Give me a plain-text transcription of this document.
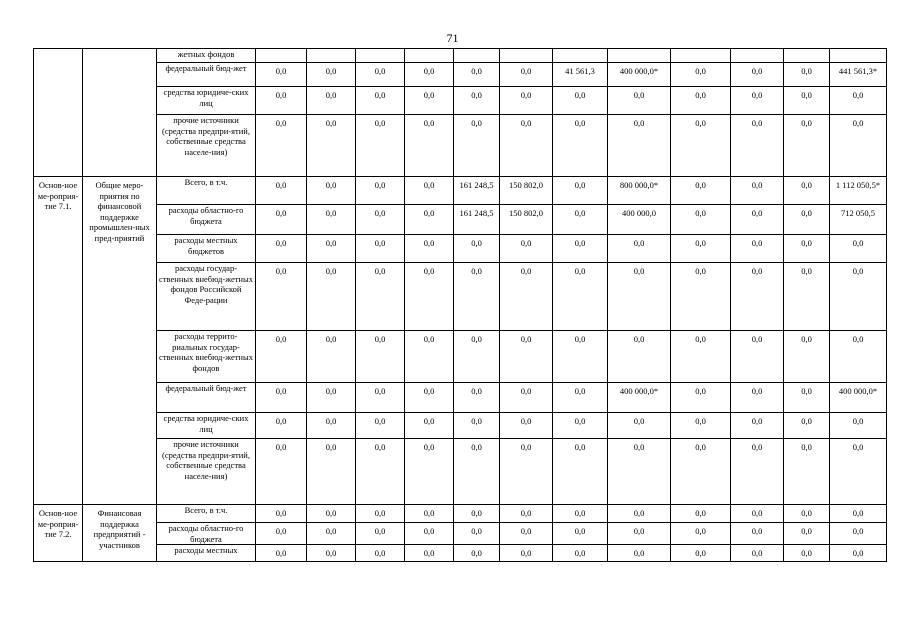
71
		жетных фондов												
		федеральный бюд-жет	0,0	0,0	0,0	0,0	0,0	0,0	41 561,3	400 000,0*	0,0	0,0	0,0	441 561,3*
		средства юридиче-ских лиц	0,0	0,0	0,0	0,0	0,0	0,0	0,0	0,0	0,0	0,0	0,0	0,0
		прочие источники (средства предпри-ятий, собственные средства населе-ния)	0,0	0,0	0,0	0,0	0,0	0,0	0,0	0,0	0,0	0,0	0,0	0,0
Основ-ное ме-роприя-тие 7.1.	Общие меро-приятия по финансовой поддержке промышлен-ных пред-приятий	Всего, в т.ч.	0,0	0,0	0,0	0,0	161 248,5	150 802,0	0,0	800 000,0*	0,0	0,0	0,0	1 112 050,5*
		расходы областно-го бюджета	0,0	0,0	0,0	0,0	161 248,5	150 802,0	0,0	400 000,0	0,0	0,0	0,0	712 050,5
		расходы местных бюджетов	0,0	0,0	0,0	0,0	0,0	0,0	0,0	0,0	0,0	0,0	0,0	0,0
		расходы государ-ственных внебюд-жетных фондов Российской Феде-рации	0,0	0,0	0,0	0,0	0,0	0,0	0,0	0,0	0,0	0,0	0,0	0,0
		расходы террито-риальных государ-ственных внебюд-жетных фондов	0,0	0,0	0,0	0,0	0,0	0,0	0,0	0,0	0,0	0,0	0,0	0,0
		федеральный бюд-жет	0,0	0,0	0,0	0,0	0,0	0,0	0,0	400 000,0*	0,0	0,0	0,0	400 000,0*
		средства юридиче-ских лиц	0,0	0,0	0,0	0,0	0,0	0,0	0,0	0,0	0,0	0,0	0,0	0,0
		прочие источники (средства предпри-ятий, собственные средства населе-ния)	0,0	0,0	0,0	0,0	0,0	0,0	0,0	0,0	0,0	0,0	0,0	0,0
Основ-ное ме-роприя-тие 7.2.	Финансовая поддержка предприятий - участников	Всего, в т.ч.	0,0	0,0	0,0	0,0	0,0	0,0	0,0	0,0	0,0	0,0	0,0	0,0
		расходы областно-го бюджета	0,0	0,0	0,0	0,0	0,0	0,0	0,0	0,0	0,0	0,0	0,0	0,0
		расходы местных	0,0	0,0	0,0	0,0	0,0	0,0	0,0	0,0	0,0	0,0	0,0	0,0
